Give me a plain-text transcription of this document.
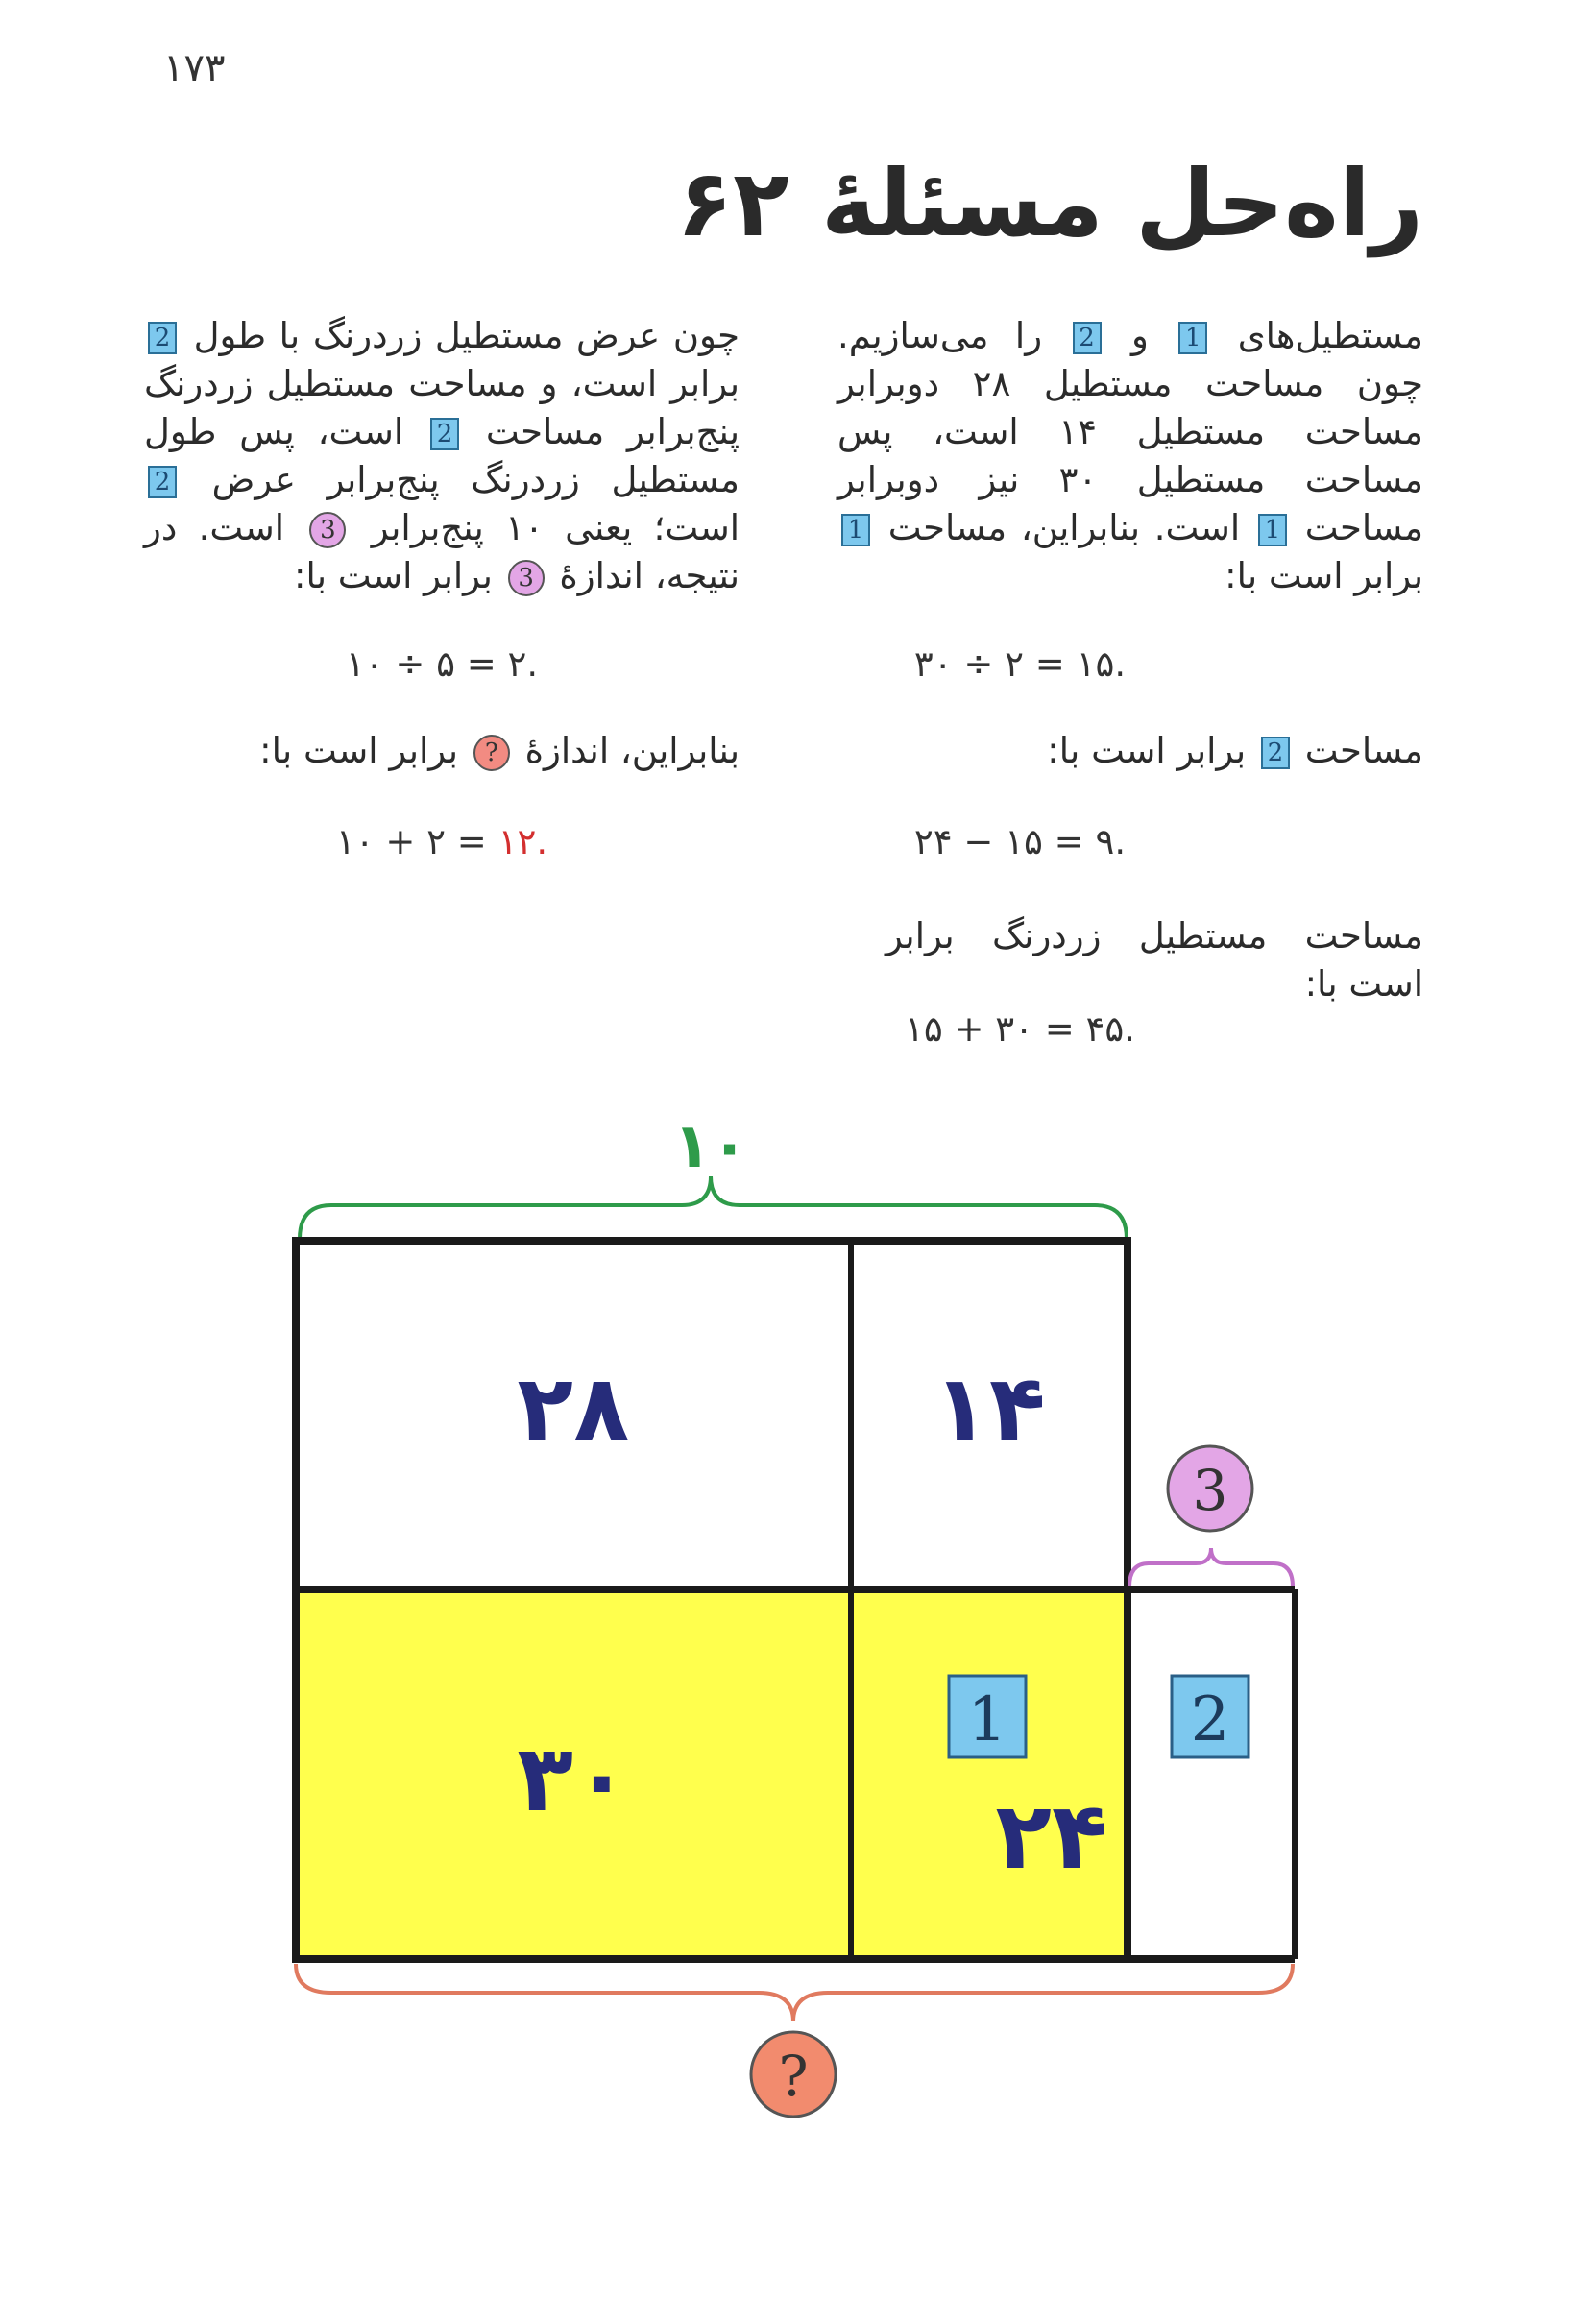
۱۷۳
راه‌حل مسئلهٔ ۶۲

مستطیل‌های 1 و 2 را می‌سازیم. چون مساحت مستطیل ۲۸ دوبرابر مساحت مستطیل ۱۴ است، پس مساحت مستطیل ۳۰ نیز دوبرابر مساحت 1 است. بنابراین، مساحت 1 برابر است با:

۳۰ ÷ ۲ = ۱۵.
مساحت 2 برابر است با:
۲۴ − ۱۵ = ۹.
مساحت مستطیل زردرنگ برابر است با:
۱۵ + ۳۰ = ۴۵.

چون عرض مستطیل زردرنگ با طول 2 برابر است، و مساحت مستطیل زردرنگ پنج‌برابر مساحت 2 است، پس طول مستطیل زردرنگ پنج‌برابر عرض 2 است؛ یعنی ۱۰ پنج‌برابر 3 است. در نتیجه، اندازهٔ 3 برابر است با:

۱۰ ÷ ۵ = ۲.
بنابراین، اندازهٔ ? برابر است با:
۱۰ + ۲ = ۱۲.
۱۰
۲۸	۱۴
۳۰
۲۴
1	2
3
?
